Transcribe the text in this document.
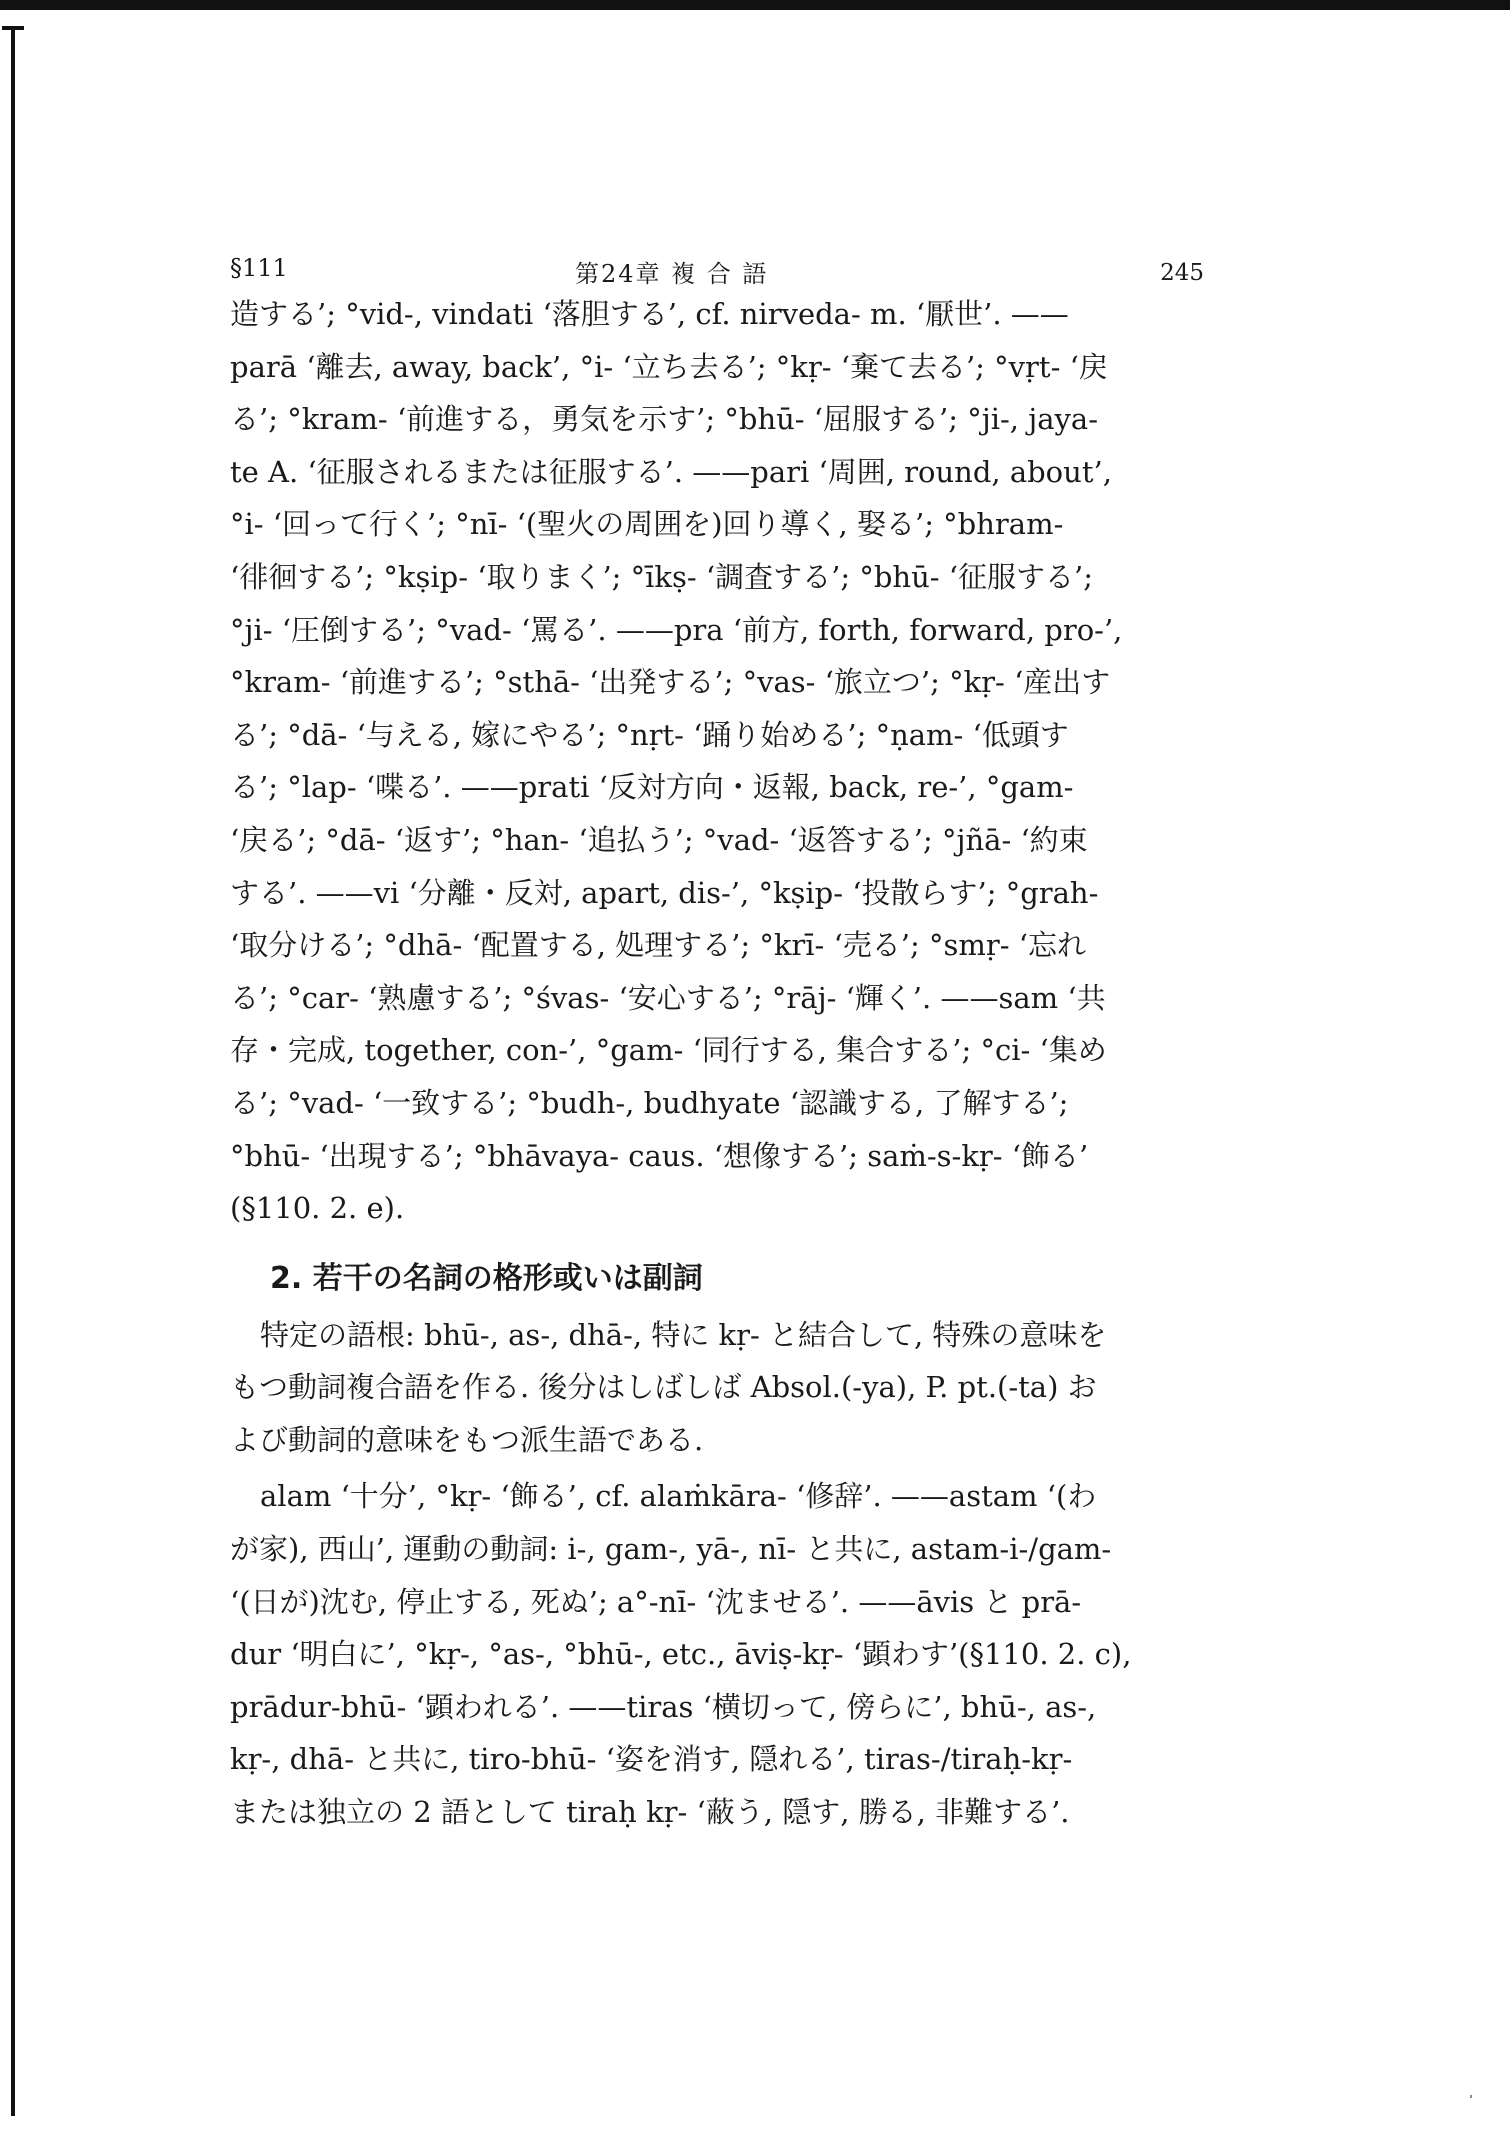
§111	第24章 複 合 語	245

造する’; °vid-, vindati ‘落胆する’, cf. nirveda- m. ‘厭世’. ——
parā ‘離去, away, back’, °i- ‘立ち去る’; °kṛ- ‘棄て去る’; °vṛt- ‘戻
る’; °kram- ‘前進する，勇気を示す’; °bhū- ‘屈服する’; °ji-, jaya-
te A. ‘征服されるまたは征服する’. ——pari ‘周囲, round, about’,
°i- ‘回って行く’; °nī- ‘(聖火の周囲を)回り導く, 娶る’; °bhram-
‘徘徊する’; °kṣip- ‘取りまく’; °īkṣ- ‘調査する’; °bhū- ‘征服する’;
°ji- ‘圧倒する’; °vad- ‘罵る’. ——pra ‘前方, forth, forward, pro-’,
°kram- ‘前進する’; °sthā- ‘出発する’; °vas- ‘旅立つ’; °kṛ- ‘産出す
る’; °dā- ‘与える, 嫁にやる’; °nṛt- ‘踊り始める’; °ṇam- ‘低頭す
る’; °lap- ‘喋る’. ——prati ‘反対方向・返報, back, re-’, °gam-
‘戻る’; °dā- ‘返す’; °han- ‘追払う’; °vad- ‘返答する’; °jñā- ‘約束
する’. ——vi ‘分離・反対, apart, dis-’, °kṣip- ‘投散らす’; °grah-
‘取分ける’; °dhā- ‘配置する, 処理する’; °krī- ‘売る’; °smṛ- ‘忘れ
る’; °car- ‘熟慮する’; °śvas- ‘安心する’; °rāj- ‘輝く’. ——sam ‘共
存・完成, together, con-’, °gam- ‘同行する, 集合する’; °ci- ‘集め
る’; °vad- ‘一致する’; °budh-, budhyate ‘認識する, 了解する’;
°bhū- ‘出現する’; °bhāvaya- caus. ‘想像する’; saṁ-s-kṛ- ‘飾る’
(§110. 2. e).

2. 若干の名詞の格形或いは副詞

特定の語根: bhū-, as-, dhā-, 特に kṛ- と結合して, 特殊の意味を
もつ動詞複合語を作る. 後分はしばしば Absol.(-ya), P. pt.(-ta) お
よび動詞的意味をもつ派生語である.

alam ‘十分’, °kṛ- ‘飾る’, cf. alaṁkāra- ‘修辞’. ——astam ‘(わ
が家), 西山’, 運動の動詞: i-, gam-, yā-, nī- と共に, astam-i-/gam-
‘(日が)沈む, 停止する, 死ぬ’; a°-nī- ‘沈ませる’. ——āvis と prā-
dur ‘明白に’, °kṛ-, °as-, °bhū-, etc., āviṣ-kṛ- ‘顕わす’(§110. 2. c),
prādur-bhū- ‘顕われる’. ——tiras ‘横切って, 傍らに’, bhū-, as-,
kṛ-, dhā- と共に, tiro-bhū- ‘姿を消す, 隠れる’, tiras-/tiraḥ-kṛ-
または独立の 2 語として tiraḥ kṛ- ‘蔽う, 隠す, 勝る, 非難する’.
